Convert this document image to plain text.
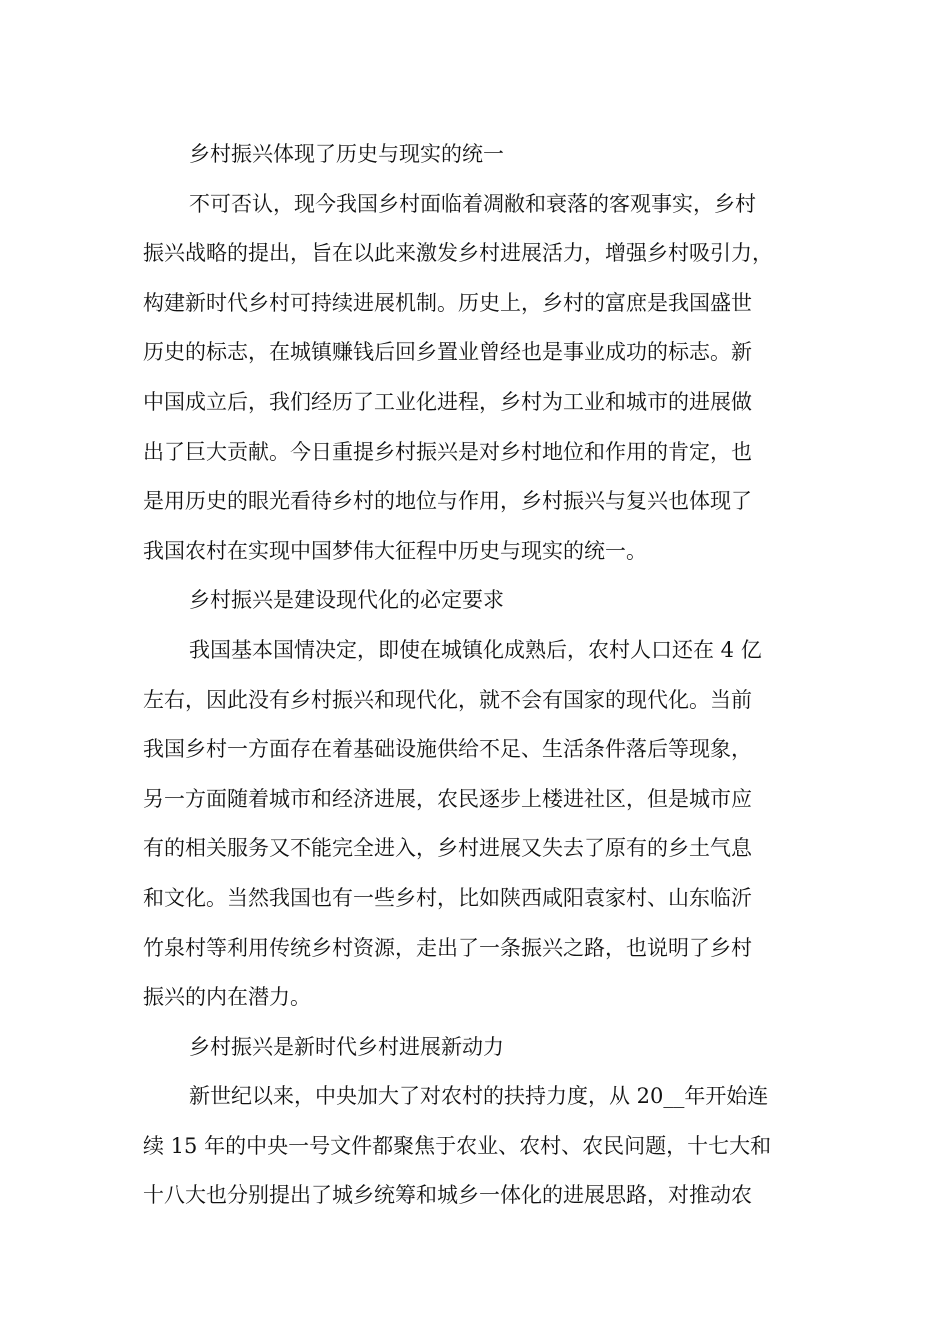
乡村振兴体现了历史与现实的统一

不可否认，现今我国乡村面临着凋敝和衰落的客观事实，乡村
振兴战略的提出，旨在以此来激发乡村进展活力，增强乡村吸引力，
构建新时代乡村可持续进展机制。历史上，乡村的富庶是我国盛世
历史的标志，在城镇赚钱后回乡置业曾经也是事业成功的标志。新
中国成立后，我们经历了工业化进程，乡村为工业和城市的进展做
出了巨大贡献。今日重提乡村振兴是对乡村地位和作用的肯定，也
是用历史的眼光看待乡村的地位与作用，乡村振兴与复兴也体现了
我国农村在实现中国梦伟大征程中历史与现实的统一。

乡村振兴是建设现代化的必定要求

我国基本国情决定，即使在城镇化成熟后，农村人口还在 4 亿
左右，因此没有乡村振兴和现代化，就不会有国家的现代化。当前
我国乡村一方面存在着基础设施供给不足、生活条件落后等现象，
另一方面随着城市和经济进展，农民逐步上楼进社区，但是城市应
有的相关服务又不能完全进入，乡村进展又失去了原有的乡土气息
和文化。当然我国也有一些乡村，比如陕西咸阳袁家村、山东临沂
竹泉村等利用传统乡村资源，走出了一条振兴之路，也说明了乡村
振兴的内在潜力。

乡村振兴是新时代乡村进展新动力

新世纪以来，中央加大了对农村的扶持力度，从 20__年开始连
续 15 年的中央一号文件都聚焦于农业、农村、农民问题，十七大和
十八大也分别提出了城乡统筹和城乡一体化的进展思路，对推动农
